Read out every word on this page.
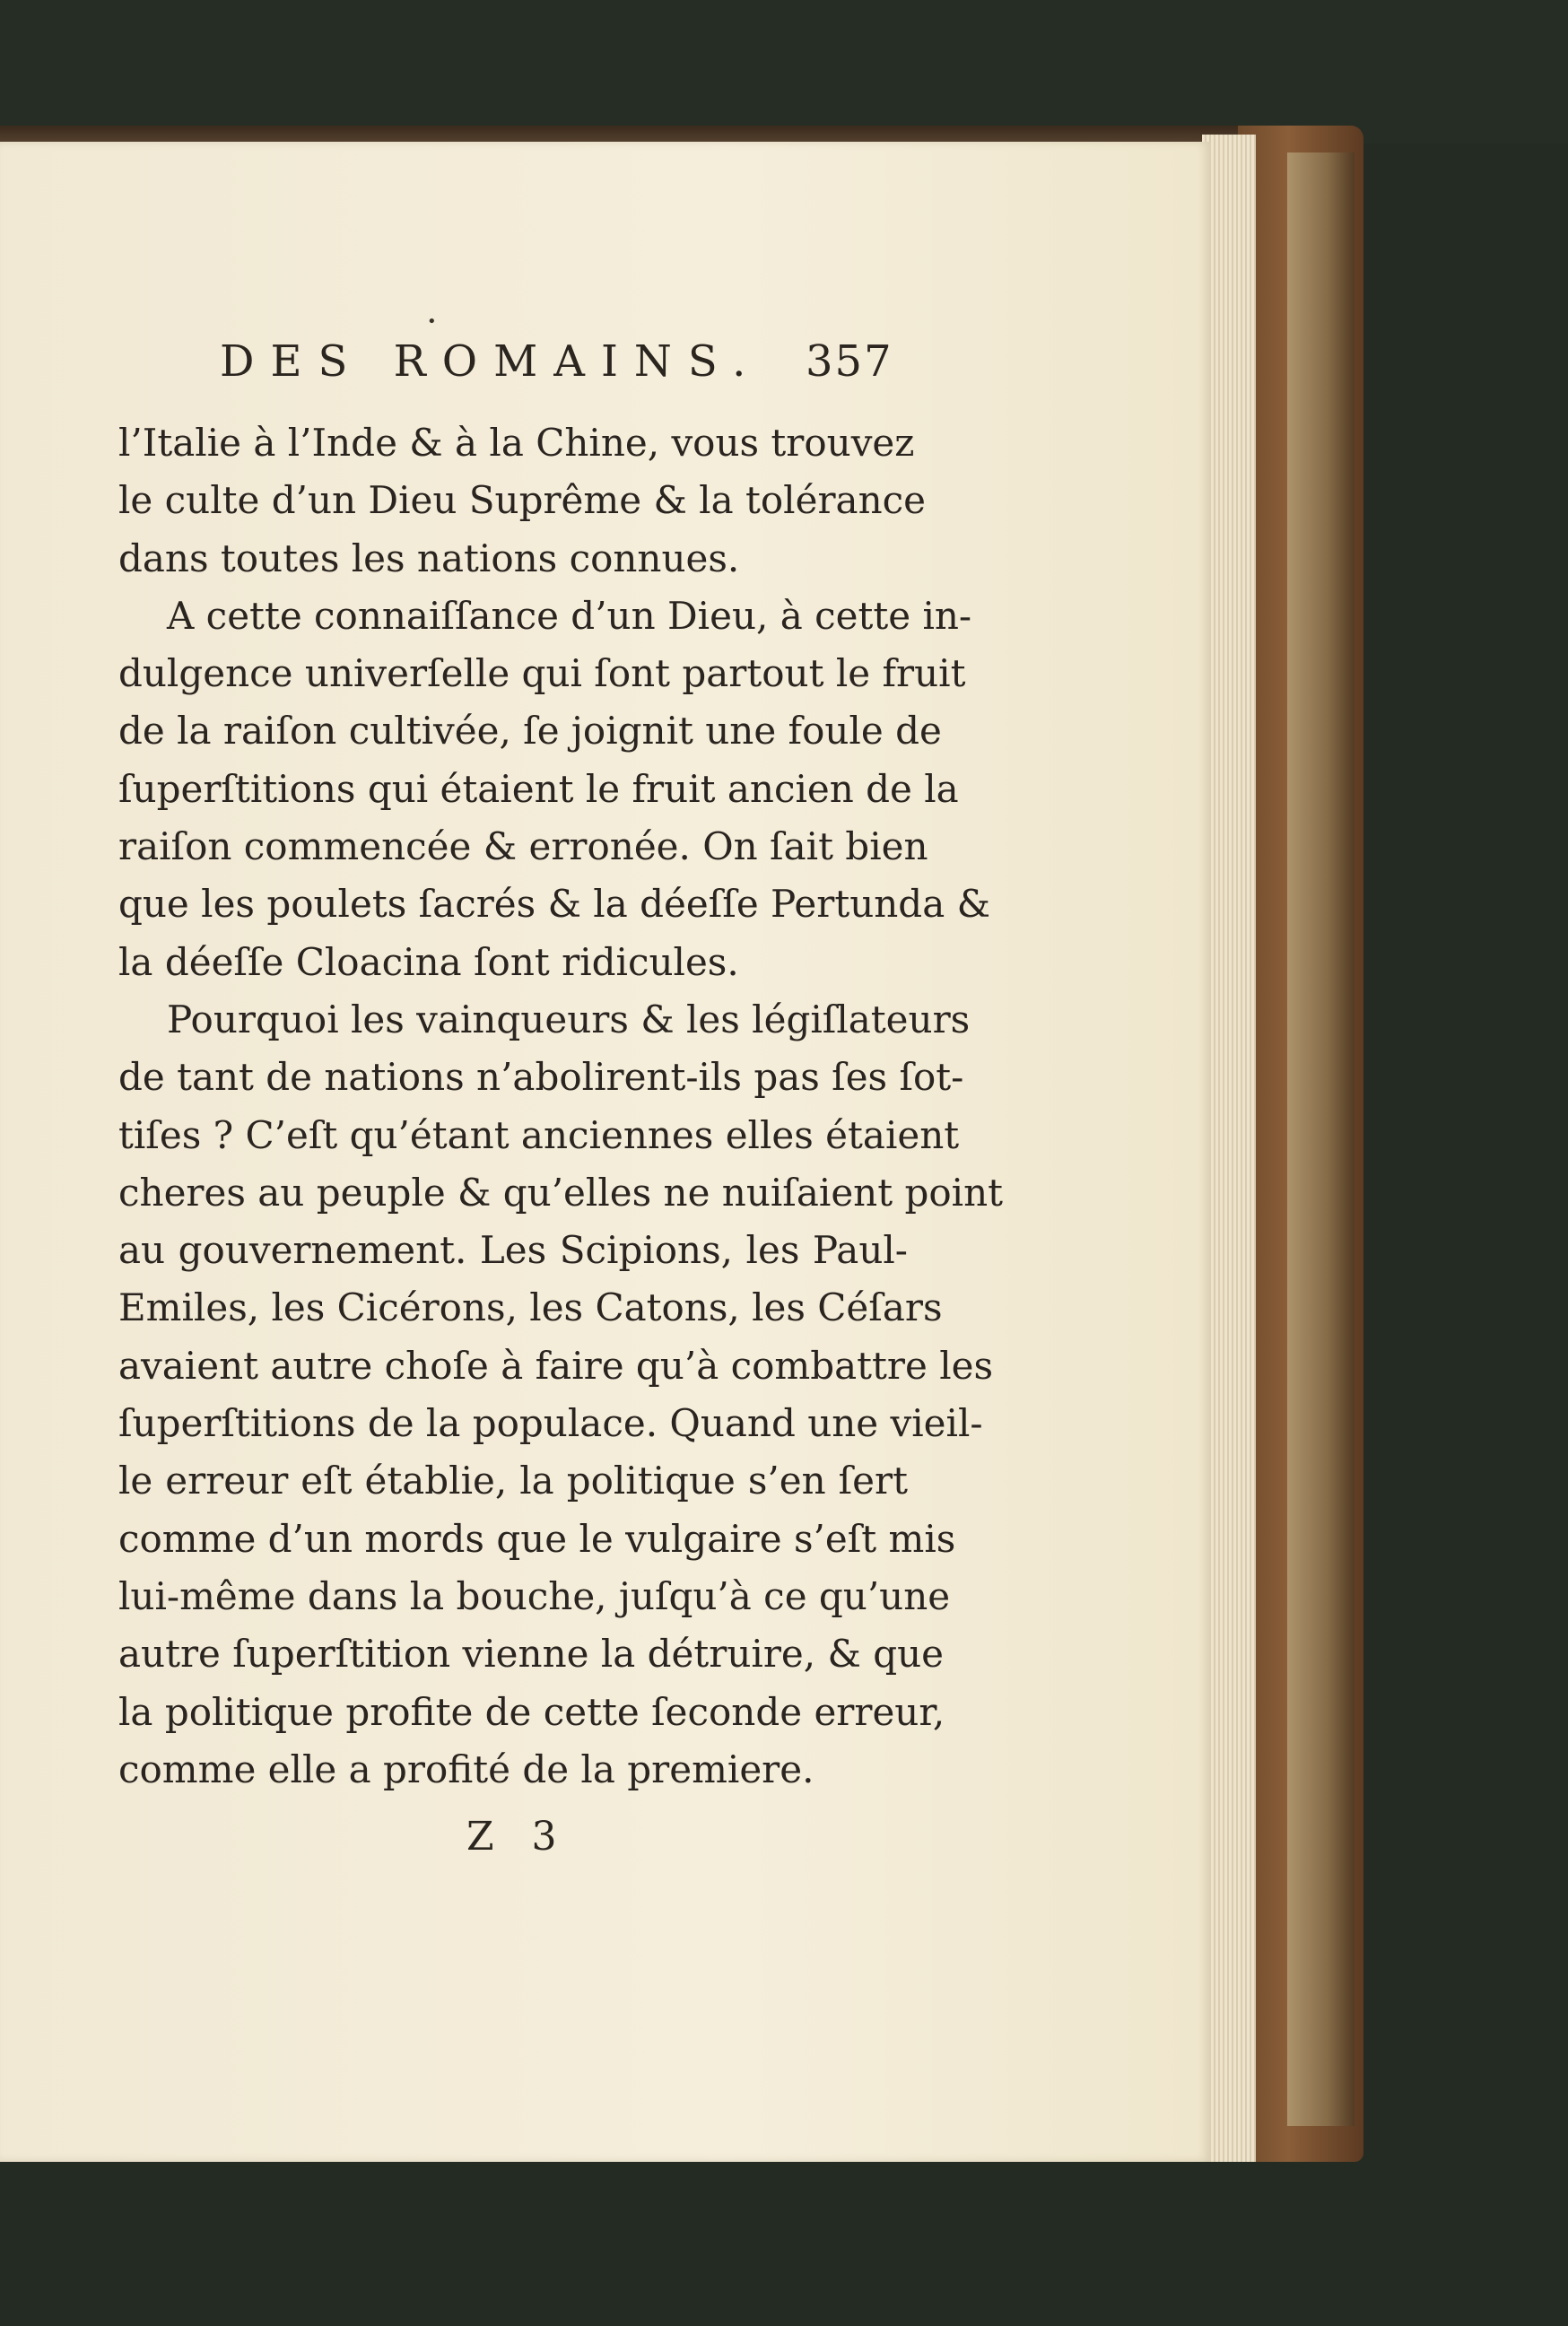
•
DES ROMAINS.	357
l’Italie à l’Inde & à la Chine, vous trouvez
le culte d’un Dieu Suprême & la tolérance
dans toutes les nations connues.
A cette connaiſſance d’un Dieu, à cette in-
dulgence univerſelle qui ſont partout le fruit
de la raiſon cultivée, ſe joignit une foule de
ſuperſtitions qui étaient le fruit ancien de la
raiſon commencée & erronée. On ſait bien
que les poulets ſacrés & la déeſſe Pertunda &
la déeſſe Cloacina ſont ridicules.
Pourquoi les vainqueurs & les légiſlateurs
de tant de nations n’abolirent-ils pas ſes ſot-
tiſes ? C’eſt qu’étant anciennes elles étaient
cheres au peuple & qu’elles ne nuiſaient point
au gouvernement. Les Scipions, les Paul-
Emiles, les Cicérons, les Catons, les Céſars
avaient autre choſe à faire qu’à combattre les
ſuperſtitions de la populace. Quand une vieil-
le erreur eſt établie, la politique s’en ſert
comme d’un mords que le vulgaire s’eſt mis
lui-même dans la bouche, juſqu’à ce qu’une
autre ſuperſtition vienne la détruire, & que
la politique profite de cette ſeconde erreur,
comme elle a profité de la premiere.
Z 3
